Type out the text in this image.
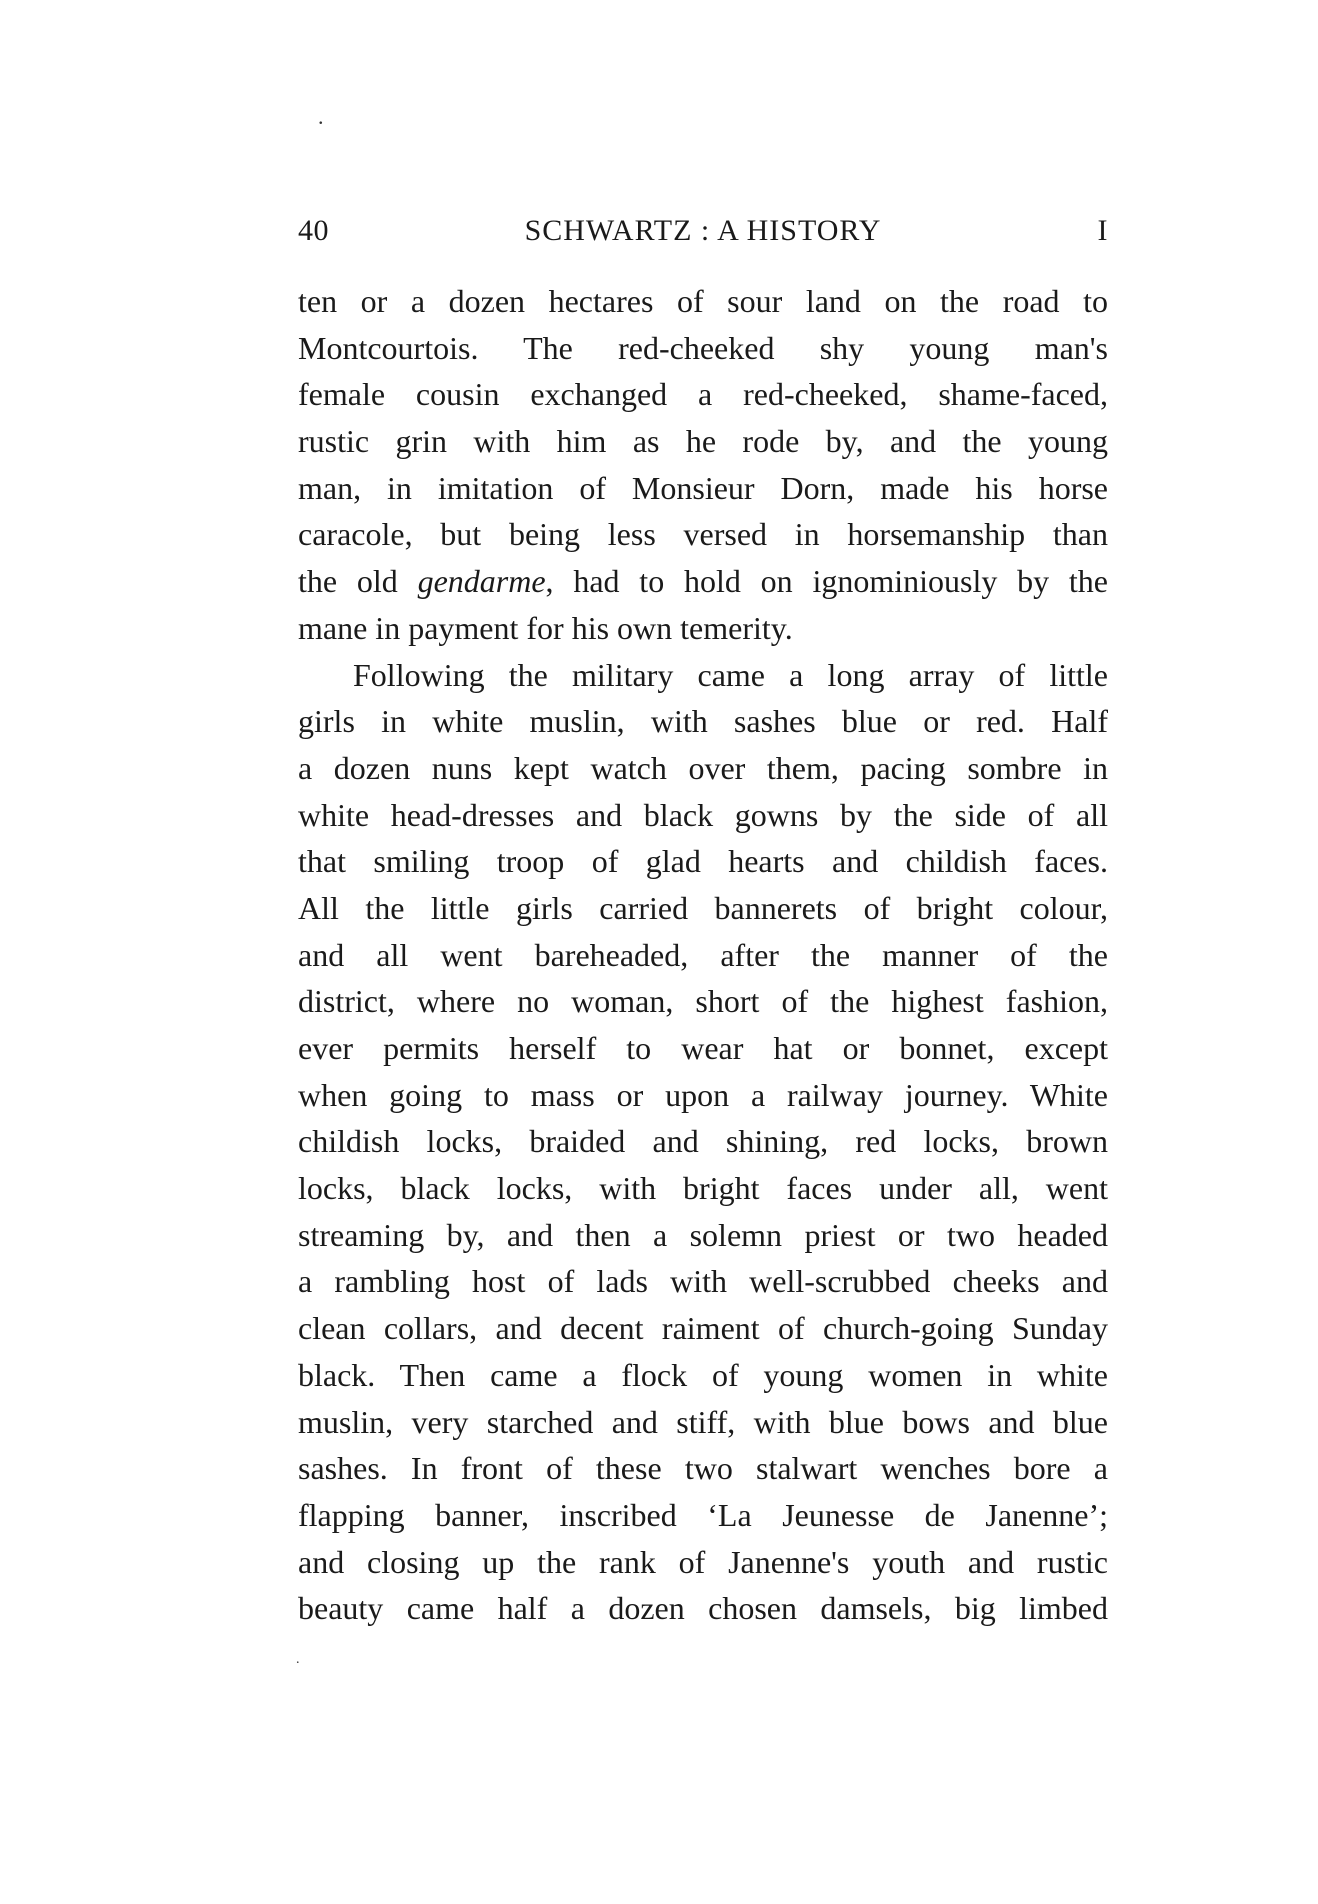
.
40	SCHWARTZ : A HISTORY	I
ten or a dozen hectares of sour land on the road to
Montcourtois. The red-cheeked shy young man's
female cousin exchanged a red-cheeked, shame-faced,
rustic grin with him as he rode by, and the young
man, in imitation of Monsieur Dorn, made his horse
caracole, but being less versed in horsemanship than
the old gendarme, had to hold on ignominiously by the
mane in payment for his own temerity.
Following the military came a long array of little
girls in white muslin, with sashes blue or red. Half
a dozen nuns kept watch over them, pacing sombre in
white head-dresses and black gowns by the side of all
that smiling troop of glad hearts and childish faces.
All the little girls carried bannerets of bright colour,
and all went bareheaded, after the manner of the
district, where no woman, short of the highest fashion,
ever permits herself to wear hat or bonnet, except
when going to mass or upon a railway journey. White
childish locks, braided and shining, red locks, brown
locks, black locks, with bright faces under all, went
streaming by, and then a solemn priest or two headed
a rambling host of lads with well-scrubbed cheeks and
clean collars, and decent raiment of church-going Sunday
black. Then came a flock of young women in white
muslin, very starched and stiff, with blue bows and blue
sashes. In front of these two stalwart wenches bore a
flapping banner, inscribed ‘La Jeunesse de Janenne’;
and closing up the rank of Janenne's youth and rustic
beauty came half a dozen chosen damsels, big limbed
.
